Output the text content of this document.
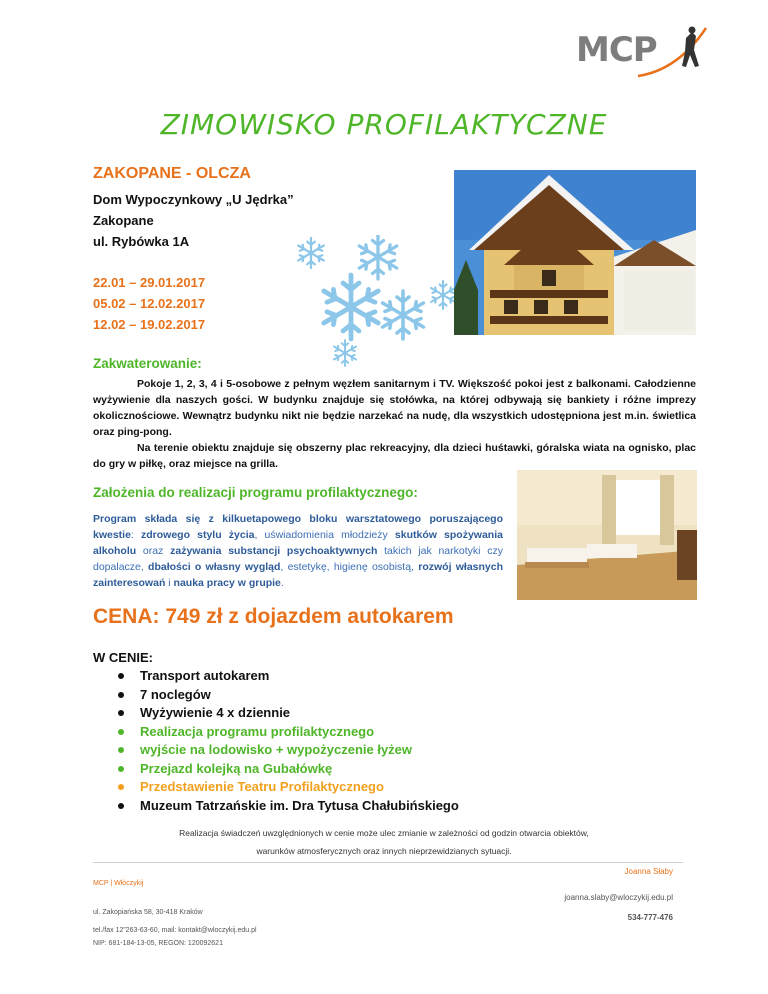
MCP
ZIMOWISKO PROFILAKTYCZNE
ZAKOPANE - OLCZA
Dom Wypoczynkowy „U Jędrka”
Zakopane
ul. Rybówka 1A
22.01 – 29.01.2017
05.02 – 12.02.2017
12.02 – 19.02.2017
Zakwaterowanie:

Pokoje 1, 2, 3, 4 i 5-osobowe z pełnym węzłem sanitarnym i TV. Większość pokoi jest z balkonami. Całodzienne wyżywienie dla naszych gości. W budynku znajduje się stołówka, na której odbywają się bankiety i różne imprezy okolicznościowe. Wewnątrz budynku nikt nie będzie narzekać na nudę, dla wszystkich udostępniona jest m.in. świetlica oraz ping-pong.

Na terenie obiektu znajduje się obszerny plac rekreacyjny, dla dzieci huśtawki, góralska wiata na ognisko, plac do gry w piłkę, oraz miejsce na grilla.

Założenia do realizacji programu profilaktycznego:
Program składa się z kilkuetapowego bloku warsztatowego poruszającego kwestie: zdrowego stylu życia, uświadomienia młodzieży skutków spożywania alkoholu oraz zażywania substancji psychoaktywnych takich jak narkotyki czy dopalacze, dbałości o własny wygląd, estetykę, higienę osobistą, rozwój własnych zainteresowań i nauka pracy w grupie.
CENA: 749 zł z dojazdem autokarem
W CENIE:
Transport autokarem
7 noclegów
Wyżywienie 4 x dziennie
Realizacja programu profilaktycznego
wyjście na lodowisko + wypożyczenie łyżew
Przejazd kolejką na Gubałówkę
Przedstawienie Teatru Profilaktycznego
Muzeum Tatrzańskie im. Dra Tytusa Chałubińskiego
Realizacja świadczeń uwzględnionych w cenie może ulec zmianie w zależności od godzin otwarcia obiektów,
warunków atmosferycznych oraz innych nieprzewidzianych sytuacji.
MCP | Włóczykij
ul. Zakopiańska 58, 30-418 Kraków
tel./fax 12”263-63-60, mail: kontakt@wloczykij.edu.pl
NIP: 681-184-13-05, REGON: 120092621
Joanna Słaby
joanna.slaby@wloczykij.edu.pl
534-777-476
